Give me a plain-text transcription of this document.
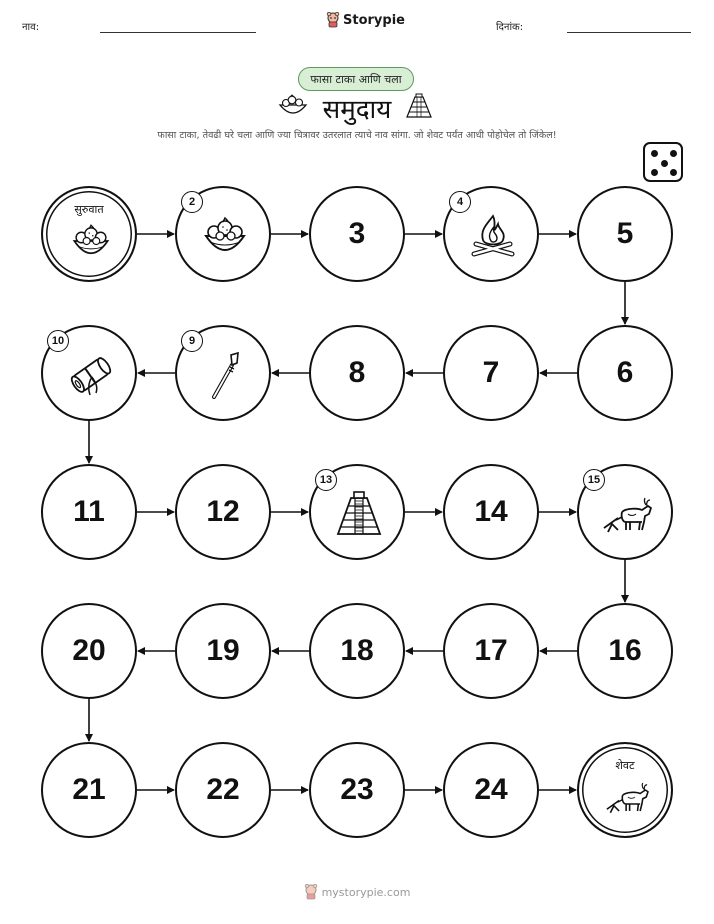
नाव:	Storypie	दिनांक:
फासा टाका आणि चला
समुदाय
फासा टाका, तेवढी घरे चला आणि ज्या चित्रावर उतरलात त्याचे नाव सांगा. जो शेवट पर्यंत आधी पोहोचेल तो जिंकेल!
सुरुवात
2
3
4
5
6
7
8
9
10
11	12
13
14
15
16
17
18
19
20
21	22	23	24
शेवट
mystorypie.com
